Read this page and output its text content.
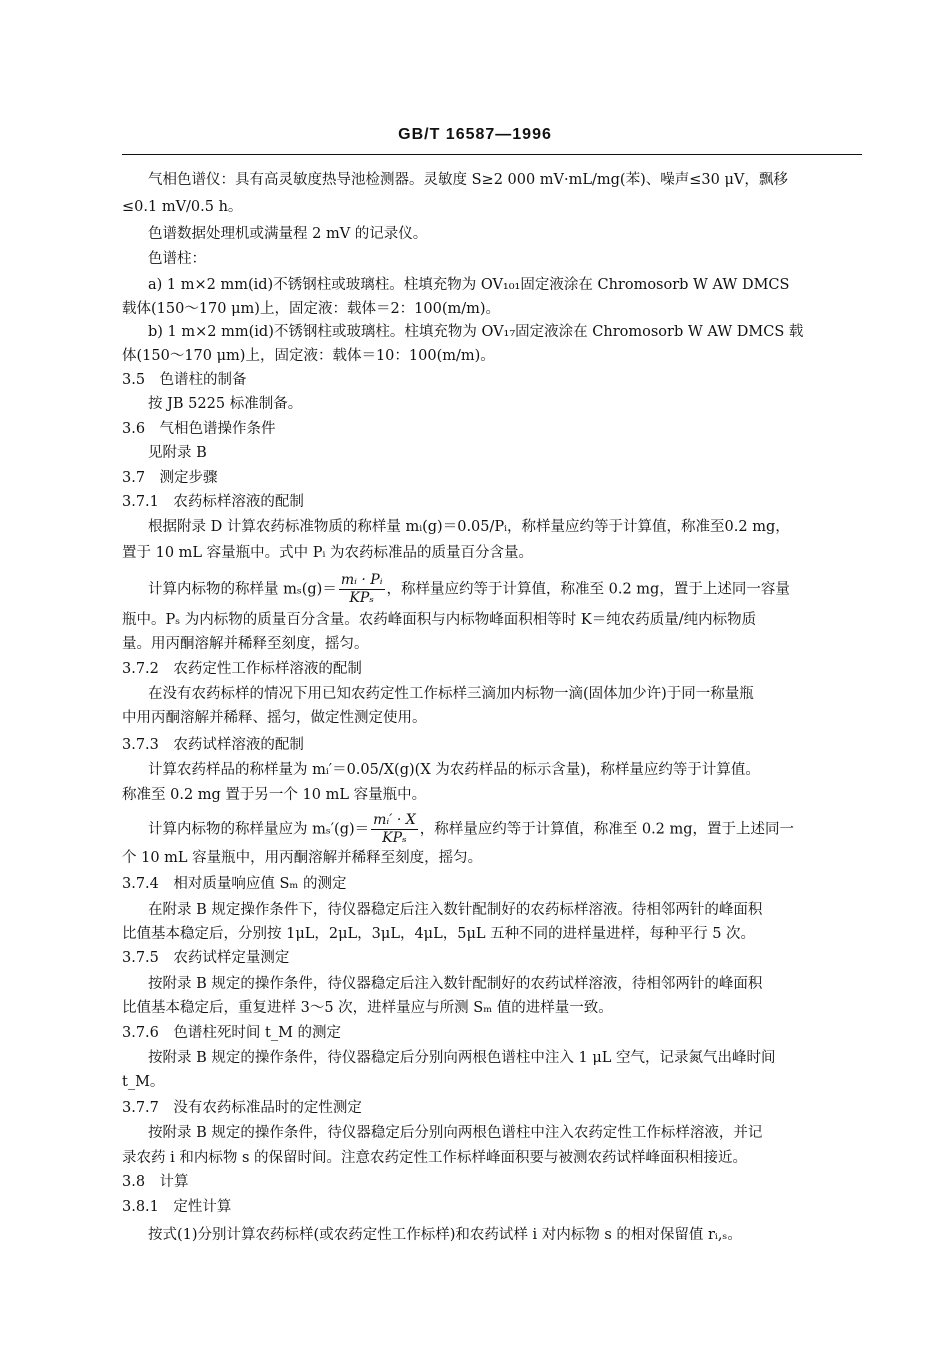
GB/T 16587—1996
气相色谱仪：具有高灵敏度热导池检测器。灵敏度 S≥2 000 mV·mL/mg(苯)、噪声≤30 μV，飘移
≤0.1 mV/0.5 h。
色谱数据处理机或满量程 2 mV 的记录仪。
色谱柱：
a) 1 m×2 mm(id)不锈钢柱或玻璃柱。柱填充物为 OV₁₀₁固定液涂在 Chromosorb W AW DMCS
载体(150～170 μm)上，固定液：载体＝2：100(m/m)。
b) 1 m×2 mm(id)不锈钢柱或玻璃柱。柱填充物为 OV₁₇固定液涂在 Chromosorb W AW DMCS 载
体(150～170 μm)上，固定液：载体＝10：100(m/m)。
3.5　色谱柱的制备
按 JB 5225 标准制备。
3.6　气相色谱操作条件
见附录 B
3.7　测定步骤
3.7.1　农药标样溶液的配制
根据附录 D 计算农药标准物质的称样量 mᵢ(g)＝0.05/Pᵢ，称样量应约等于计算值，称准至0.2 mg，
置于 10 mL 容量瓶中。式中 Pᵢ 为农药标准品的质量百分含量。
计算内标物的称样量 $m_s(g)= \frac{\text{mᵢ · Pᵢ}}{\text{KPₛ}}$ ，称样量应约等于计算值，称准至 0.2 mg，置于上述同一容量
瓶中。Pₛ 为内标物的质量百分含量。农药峰面积与内标物峰面积相等时 K＝纯农药质量/纯内标物质
量。用丙酮溶解并稀释至刻度，摇匀。
3.7.2　农药定性工作标样溶液的配制
在没有农药标样的情况下用已知农药定性工作标样三滴加内标物一滴(固体加少许)于同一称量瓶
中用丙酮溶解并稀释、摇匀，做定性测定使用。
3.7.3　农药试样溶液的配制
计算农药样品的称样量为 mᵢ′＝0.05/X(g)(X 为农药样品的标示含量)，称样量应约等于计算值。
称准至 0.2 mg 置于另一个 10 mL 容量瓶中。
计算内标物的称样量应为 $m_s'(g)= \frac{\text{mᵢ′ · X}}{\text{KPₛ}}$ ，称样量应约等于计算值，称准至 0.2 mg，置于上述同一
个 10 mL 容量瓶中，用丙酮溶解并稀释至刻度，摇匀。
3.7.4　相对质量响应值 Sₘ 的测定
在附录 B 规定操作条件下，待仪器稳定后注入数针配制好的农药标样溶液。待相邻两针的峰面积
比值基本稳定后，分别按 1μL，2μL，3μL，4μL，5μL 五种不同的进样量进样，每种平行 5 次。
3.7.5　农药试样定量测定
按附录 B 规定的操作条件，待仪器稳定后注入数针配制好的农药试样溶液，待相邻两针的峰面积
比值基本稳定后，重复进样 3～5 次，进样量应与所测 Sₘ 值的进样量一致。
3.7.6　色谱柱死时间 t_M 的测定
按附录 B 规定的操作条件，待仪器稳定后分别向两根色谱柱中注入 1 μL 空气，记录氮气出峰时间
t_M。
3.7.7　没有农药标准品时的定性测定
按附录 B 规定的操作条件，待仪器稳定后分别向两根色谱柱中注入农药定性工作标样溶液，并记
录农药 i 和内标物 s 的保留时间。注意农药定性工作标样峰面积要与被测农药试样峰面积相接近。
3.8　计算
3.8.1　定性计算
按式(1)分别计算农药标样(或农药定性工作标样)和农药试样 i 对内标物 s 的相对保留值 rᵢ,ₛ。
